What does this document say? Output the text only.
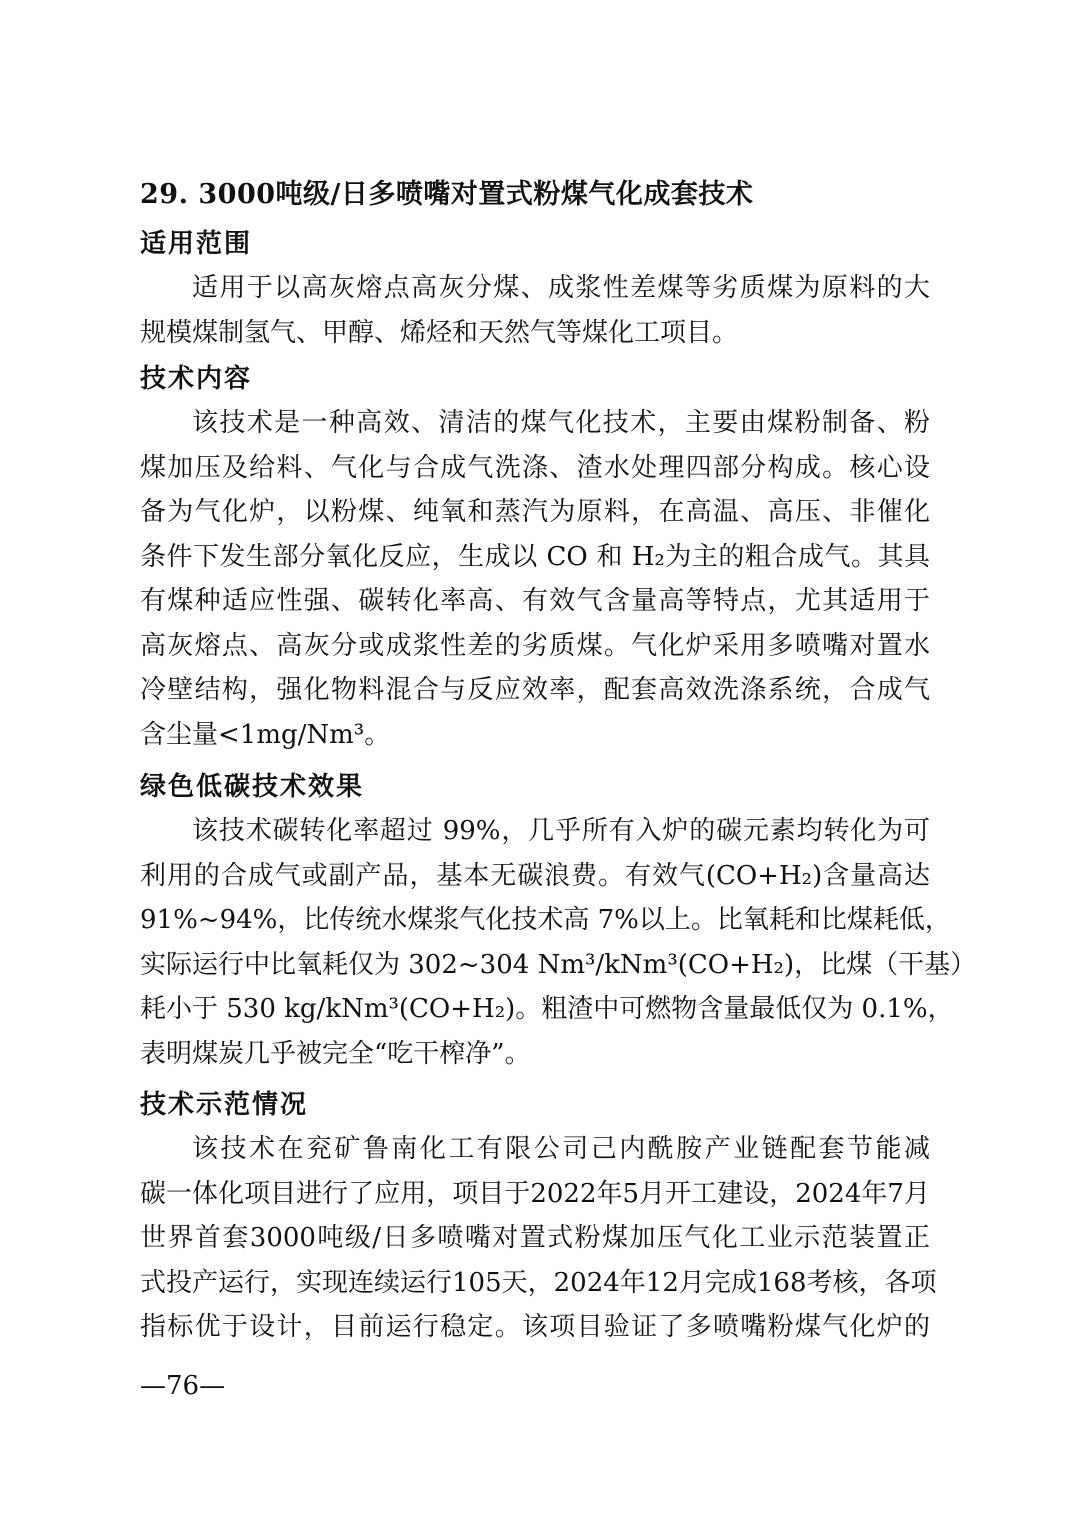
29. 3000吨级/日多喷嘴对置式粉煤气化成套技术
适用范围
适用于以高灰熔点高灰分煤、成浆性差煤等劣质煤为原料的大
规模煤制氢气、甲醇、烯烃和天然气等煤化工项目。
技术内容
该技术是一种高效、清洁的煤气化技术，主要由煤粉制备、粉
煤加压及给料、气化与合成气洗涤、渣水处理四部分构成。核心设
备为气化炉，以粉煤、纯氧和蒸汽为原料，在高温、高压、非催化
条件下发生部分氧化反应，生成以 CO 和 H₂为主的粗合成气。其具
有煤种适应性强、碳转化率高、有效气含量高等特点，尤其适用于
高灰熔点、高灰分或成浆性差的劣质煤。气化炉采用多喷嘴对置水
冷壁结构，强化物料混合与反应效率，配套高效洗涤系统，合成气
含尘量<1mg/Nm³。
绿色低碳技术效果
该技术碳转化率超过 99%，几乎所有入炉的碳元素均转化为可
利用的合成气或副产品，基本无碳浪费。有效气(CO+H₂)含量高达
91%~94%，比传统水煤浆气化技术高 7%以上。比氧耗和比煤耗低，
实际运行中比氧耗仅为 302~304 Nm³/kNm³(CO+H₂)，比煤（干基）
耗小于 530 kg/kNm³(CO+H₂)。粗渣中可燃物含量最低仅为 0.1%，
表明煤炭几乎被完全“吃干榨净”。
技术示范情况
该技术在兖矿鲁南化工有限公司己内酰胺产业链配套节能减
碳一体化项目进行了应用，项目于2022年5月开工建设，2024年7月
世界首套3000吨级/日多喷嘴对置式粉煤加压气化工业示范装置正
式投产运行，实现连续运行105天，2024年12月完成168考核，各项
指标优于设计，目前运行稳定。该项目验证了多喷嘴粉煤气化炉的
—76—
